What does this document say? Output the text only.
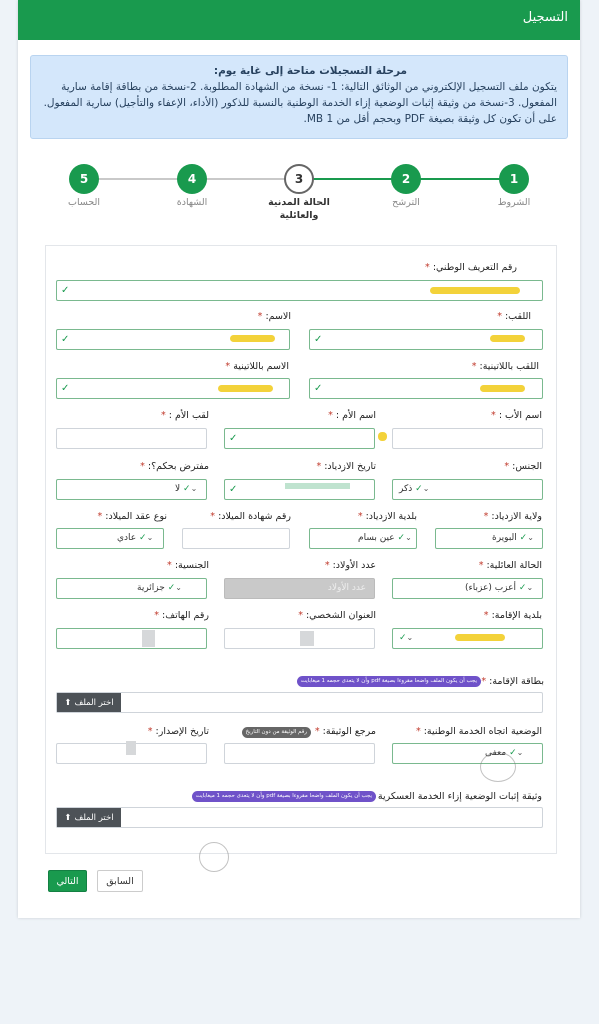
التسجيل
مرحلة التسجيلات متاحة إلى غاية يوم:
يتكون ملف التسجيل الإلكتروني من الوثائق التالية: 1- نسخة من الشهادة المطلوبة. 2-نسخة من بطاقة إقامة سارية المفعول. 3-نسخة من وثيقة إثبات الوضعية إزاء الخدمة الوطنية بالنسبة للذكور (الأداء، الإعفاء والتأجيل) سارية المفعول. على أن تكون كل وثيقة بصيغة PDF وبحجم أقل من 1 MB.
1
الشروط
2
الترشح
3
الحالة المدنية والعائلية
4
الشهادة
5
الحساب
رقم التعريف الوطني: *
✓
اللقب: *
✓
الاسم: *
✓
اللقب باللاتينية: *
✓
الاسم باللاتينية *
✓
اسم الأب : *
اسم الأم : *
✓
لقب الأم : *
الجنس: *
⌄✓ ذكر
تاريخ الازدياد: *
✓
مفترض بحكم؟: *
⌄✓ لا
ولاية الازدياد: *
⌄✓ البويرة
بلدية الازدياد: *
⌄✓ عين بسام
رقم شهادة الميلاد: *
نوع عقد الميلاد: *
⌄✓ عادي
الحالة العائلية: *
⌄✓ أعزب (عزباء)
عدد الأولاد: *
عدد الأولاد
الجنسية: *
⌄✓ جزائرية
بلدية الإقامة: *
⌄✓
العنوان الشخصي: *
رقم الهاتف: *
بطاقة الإقامة: *
يجب أن يكون الملف واضحا مقروءا بصيغة pdf وأن لا يتعدى حجمه 1 ميغابايت
⬆ اختر الملف
الوضعية اتجاه الخدمة الوطنية: *
⌄✓ معفى
مرجع الوثيقة: *
رقم الوثيقة من دون التاريخ
تاريخ الإصدار: *
وثيقة إثبات الوضعية إزاء الخدمة العسكرية
يجب أن يكون الملف واضحا مقروءا بصيغة pdf وأن لا يتعدى حجمه 1 ميغابايت
⬆ اختر الملف
التالي	السابق
